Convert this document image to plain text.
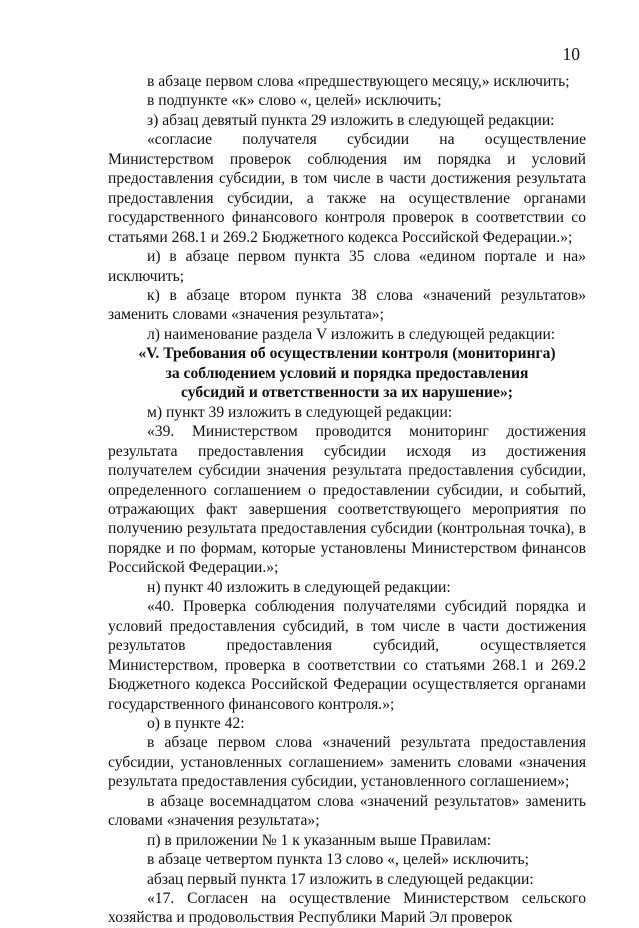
10

в абзаце первом слова «предшествующего месяцу,» исключить;

в подпункте «к» слово «, целей» исключить;

з) абзац девятый пункта 29 изложить в следующей редакции:

«согласие получателя субсидии на осуществление Министерством проверок соблюдения им порядка и условий предоставления субсидии, в том числе в части достижения результата предоставления субсидии, а также на осуществление органами государственного финансового контроля проверок в соответствии со статьями 268.1 и 269.2 Бюджетного кодекса Российской Федерации.»;

и) в абзаце первом пункта 35 слова «едином портале и на» исключить;

к) в абзаце втором пункта 38 слова «значений результатов» заменить словами «значения результата»;

л) наименование раздела V изложить в следующей редакции:

«V. Требования об осуществлении контроля (мониторинга)
за соблюдением условий и порядка предоставления
субсидий и ответственности за их нарушение»;

м) пункт 39 изложить в следующей редакции:

«39. Министерством проводится мониторинг достижения результата предоставления субсидии исходя из достижения получателем субсидии значения результата предоставления субсидии, определенного соглашением о предоставлении субсидии, и событий, отражающих факт завершения соответствующего мероприятия по получению результата предоставления субсидии (контрольная точка), в порядке и по формам, которые установлены Министерством финансов Российской Федерации.»;

н) пункт 40 изложить в следующей редакции:

«40. Проверка соблюдения получателями субсидий порядка и условий предоставления субсидий, в том числе в части достижения результатов предоставления субсидий, осуществляется Министерством, проверка в соответствии со статьями 268.1 и 269.2 Бюджетного кодекса Российской Федерации осуществляется органами государственного финансового контроля.»;

о) в пункте 42:

в абзаце первом слова «значений результата предоставления субсидии, установленных соглашением» заменить словами «значения результата предоставления субсидии, установленного соглашением»;

в абзаце восемнадцатом слова «значений результатов» заменить словами «значения результата»;

п) в приложении № 1 к указанным выше Правилам:

в абзаце четвертом пункта 13 слово «, целей» исключить;

абзац первый пункта 17 изложить в следующей редакции:

«17. Согласен на осуществление Министерством сельского хозяйства и продовольствия Республики Марий Эл проверок
